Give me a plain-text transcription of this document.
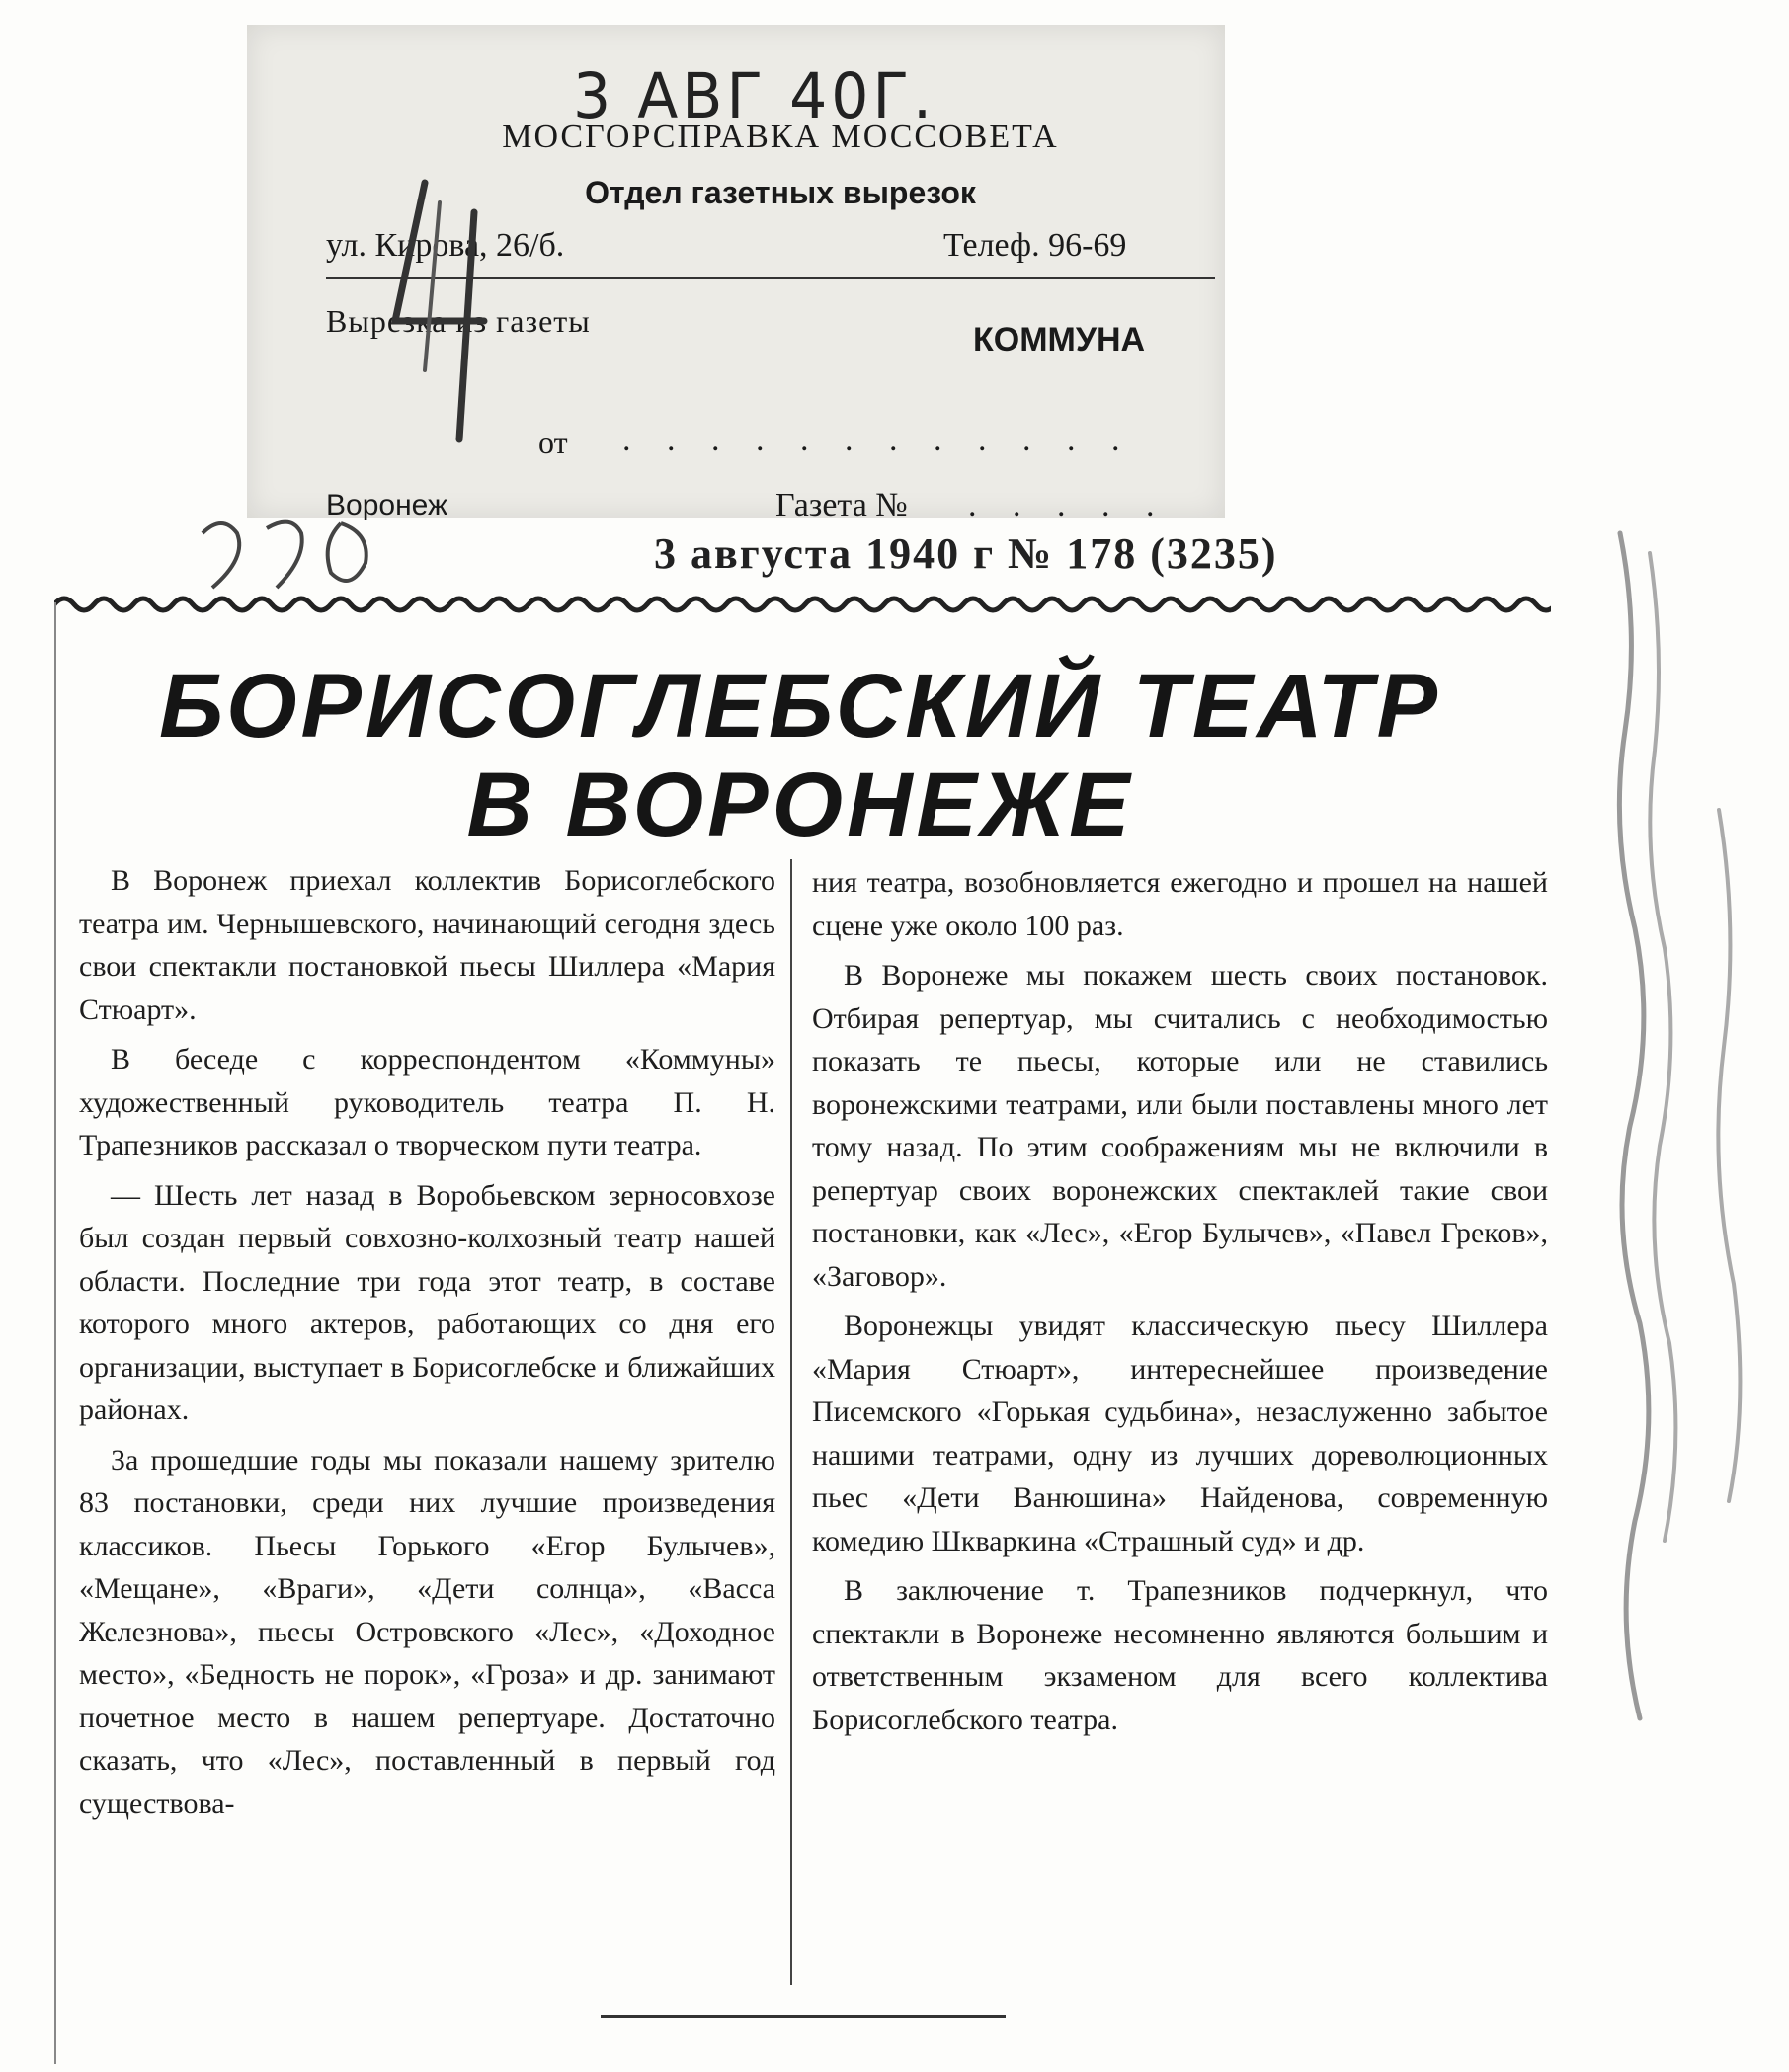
3 АВГ 40Г.
МОСГОРСПРАВКА МОССОВЕТА
Отдел газетных вырезок
ул. Кирова, 26/б.	Телеф. 96-69
Вырезка из газеты	КОММУНА
от . . . . . . . . . . . .
Воронеж	Газета № . . . . .
3 августа 1940 г № 178 (3235)
БОРИСОГЛЕБСКИЙ ТЕАТР
В ВОРОНЕЖЕ

В Воронеж приехал коллектив Борисоглебского театра им. Чернышевского, начинающий сегодня здесь свои спектакли постановкой пьесы Шиллера «Мария Стюарт».

В беседе с корреспондентом «Коммуны» художественный руководитель театра П. Н. Трапезников рассказал о творческом пути театра.

— Шесть лет назад в Воробьевском зерносовхозе был создан первый совхозно-колхозный театр нашей области. Последние три года этот театр, в составе которого много актеров, работающих со дня его организации, выступает в Борисоглебске и ближайших районах.

За прошедшие годы мы показали нашему зрителю 83 постановки, среди них лучшие произведения классиков. Пьесы Горького «Егор Булычев», «Мещане», «Враги», «Дети солнца», «Васса Железнова», пьесы Островского «Лес», «Доходное место», «Бедность не порок», «Гроза» и др. занимают почетное место в нашем репертуаре. Достаточно сказать, что «Лес», поставленный в первый год существова-

ния театра, возобновляется ежегодно и прошел на нашей сцене уже около 100 раз.

В Воронеже мы покажем шесть своих постановок. Отбирая репертуар, мы считались с необходимостью показать те пьесы, которые или не ставились воронежскими театрами, или были поставлены много лет тому назад. По этим соображениям мы не включили в репертуар своих воронежских спектаклей такие свои постановки, как «Лес», «Егор Булычев», «Павел Греков», «Заговор».

Воронежцы увидят классическую пьесу Шиллера «Мария Стюарт», интереснейшее произведение Писемского «Горькая судьбина», незаслуженно забытое нашими театрами, одну из лучших дореволюционных пьес «Дети Ванюшина» Найденова, современную комедию Шкваркина «Страшный суд» и др.

В заключение т. Трапезников подчеркнул, что спектакли в Воронеже несомненно являются большим и ответственным экзаменом для всего коллектива Борисоглебского театра.
